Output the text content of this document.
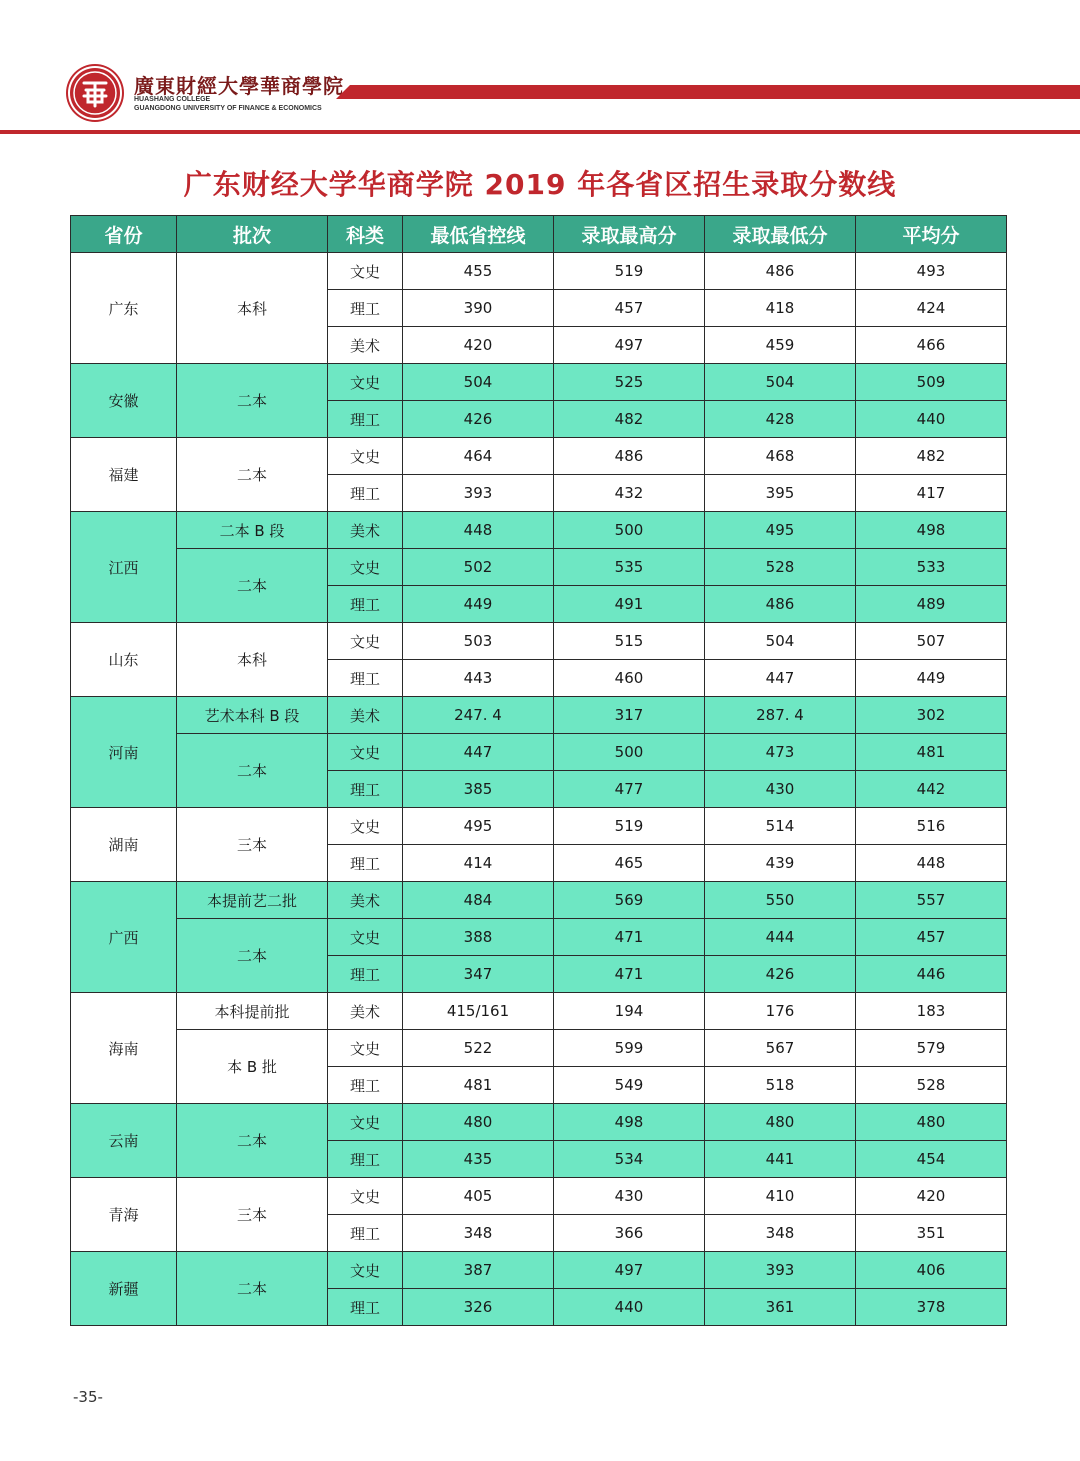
廣東財經大學華商學院
HUASHANG COLLEGE
GUANGDONG UNIVERSITY OF FINANCE & ECONOMICS
广东财经大学华商学院 2019 年各省区招生录取分数线
省份	批次	科类	最低省控线	录取最高分	录取最低分	平均分
广东	本科	文史	455	519	486	493
		理工	390	457	418	424
		美术	420	497	459	466
安徽	二本	文史	504	525	504	509
		理工	426	482	428	440
福建	二本	文史	464	486	468	482
		理工	393	432	395	417
江西	二本 B 段	美术	448	500	495	498
	二本	文史	502	535	528	533
		理工	449	491	486	489
山东	本科	文史	503	515	504	507
		理工	443	460	447	449
河南	艺术本科 B 段	美术	247. 4	317	287. 4	302
	二本	文史	447	500	473	481
		理工	385	477	430	442
湖南	三本	文史	495	519	514	516
		理工	414	465	439	448
广西	本提前艺二批	美术	484	569	550	557
	二本	文史	388	471	444	457
		理工	347	471	426	446
海南	本科提前批	美术	415/161	194	176	183
	本 B 批	文史	522	599	567	579
		理工	481	549	518	528
云南	二本	文史	480	498	480	480
		理工	435	534	441	454
青海	三本	文史	405	430	410	420
		理工	348	366	348	351
新疆	二本	文史	387	497	393	406
		理工	326	440	361	378
-35-
